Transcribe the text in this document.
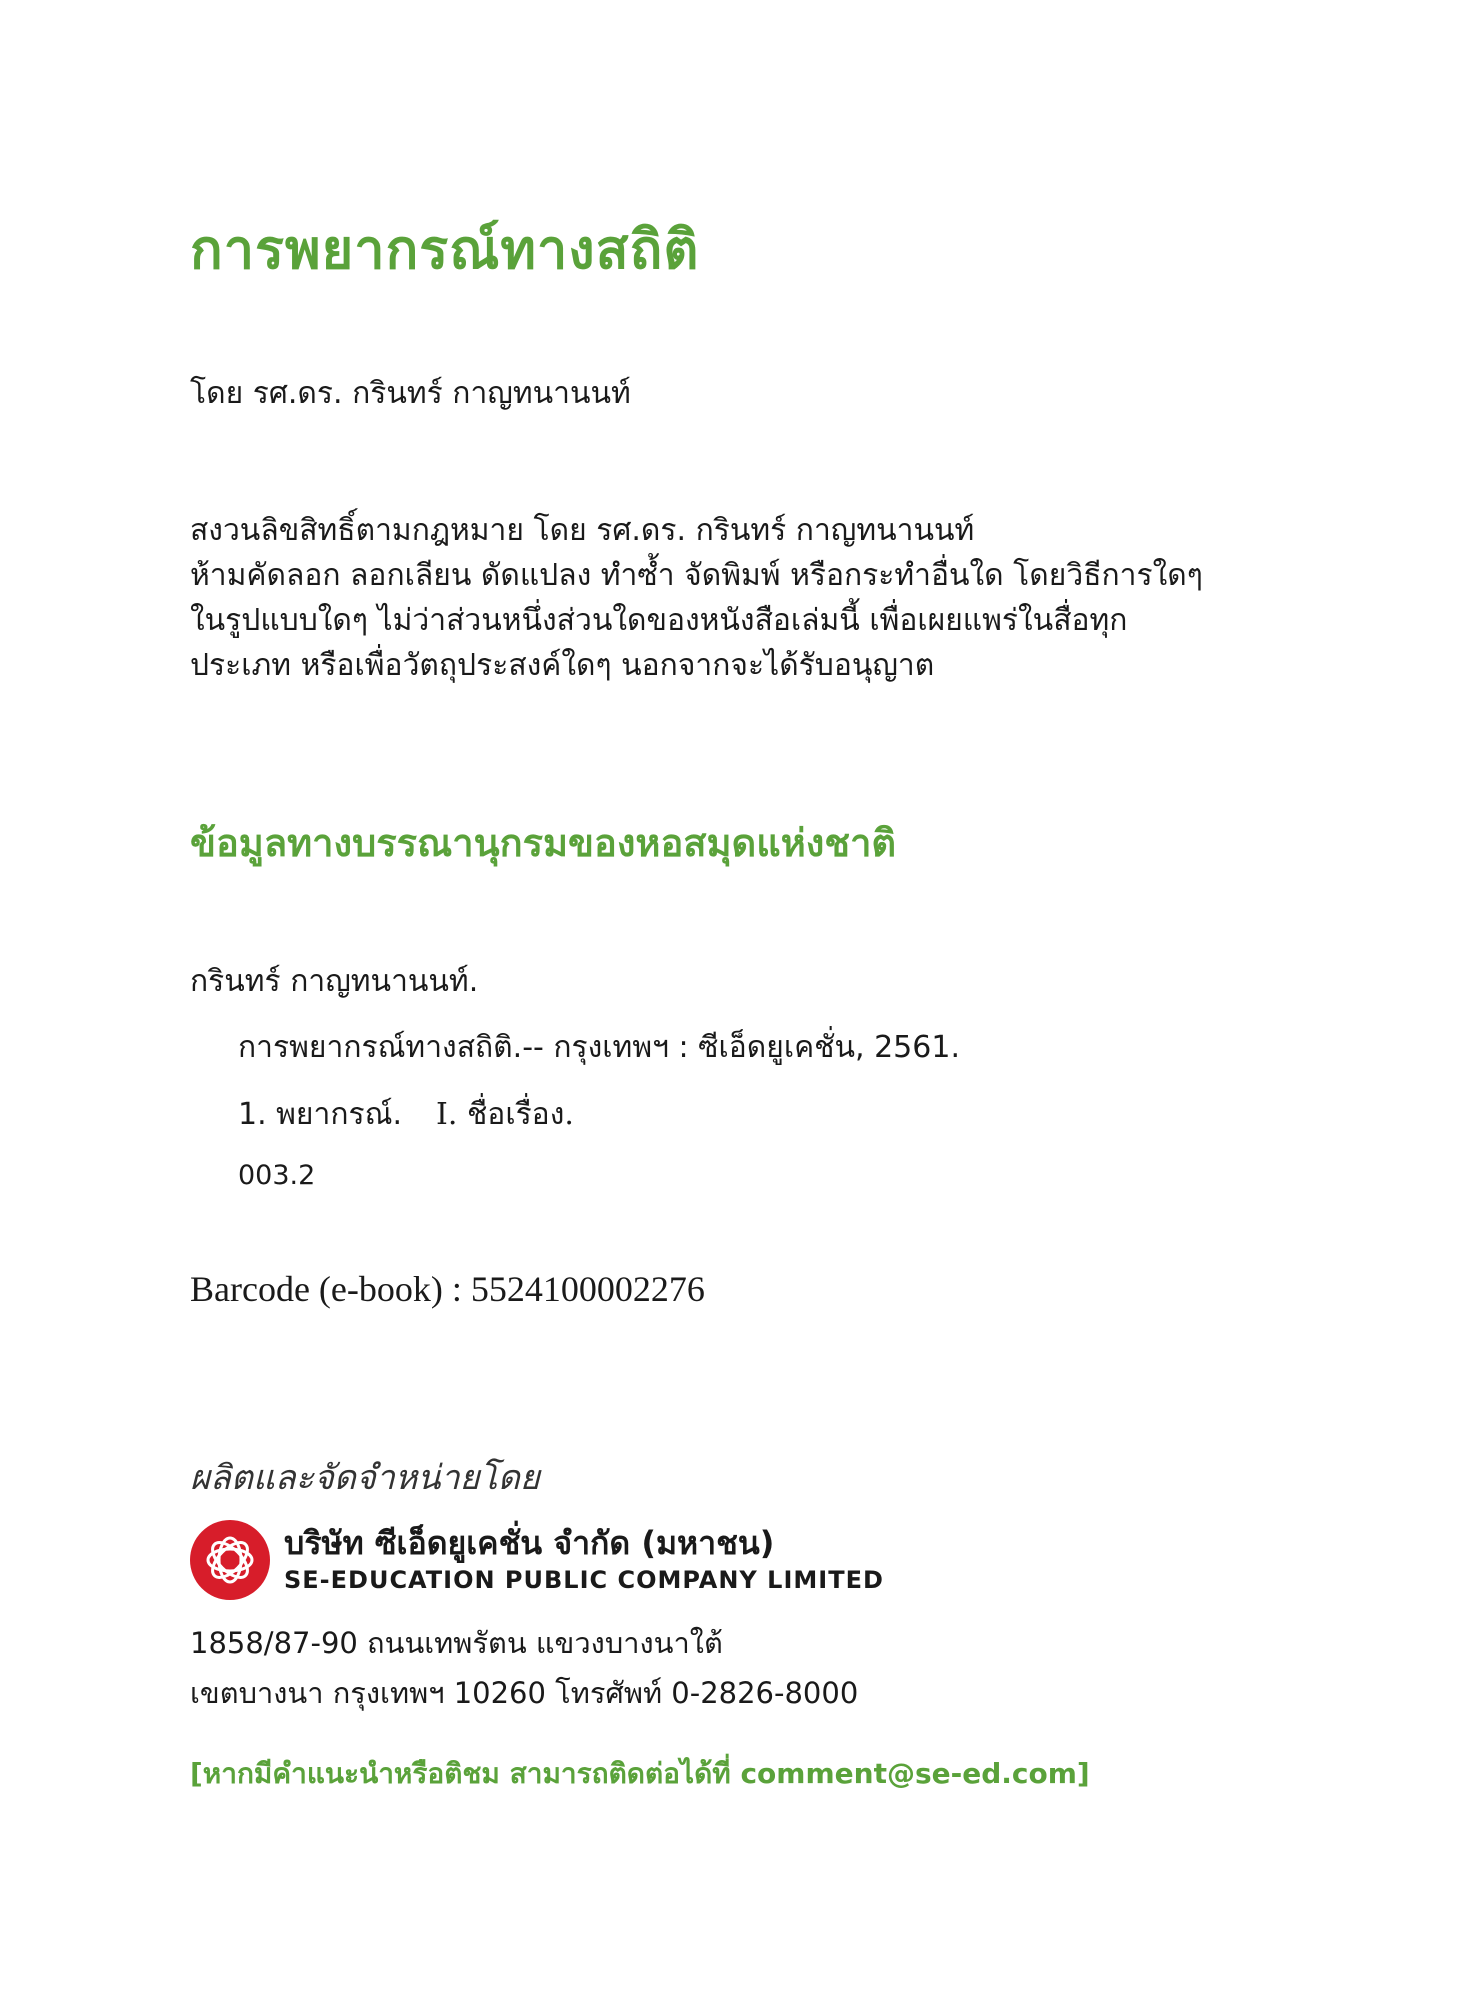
การพยากรณ์ทางสถิติ
โดย รศ.ดร. กรินทร์ กาญทนานนท์
สงวนลิขสิทธิ์ตามกฎหมาย โดย รศ.ดร. กรินทร์ กาญทนานนท์
ห้ามคัดลอก ลอกเลียน ดัดแปลง ทำซ้ำ จัดพิมพ์ หรือกระทำอื่นใด โดยวิธีการใดๆ
ในรูปแบบใดๆ ไม่ว่าส่วนหนึ่งส่วนใดของหนังสือเล่มนี้ เพื่อเผยแพร่ในสื่อทุก
ประเภท หรือเพื่อวัตถุประสงค์ใดๆ นอกจากจะได้รับอนุญาต
ข้อมูลทางบรรณานุกรมของหอสมุดแห่งชาติ
กรินทร์ กาญทนานนท์.
การพยากรณ์ทางสถิติ.-- กรุงเทพฯ : ซีเอ็ดยูเคชั่น, 2561.
1. พยากรณ์. I. ชื่อเรื่อง.
003.2
Barcode (e-book) : 5524100002276
ผลิตและจัดจำหน่ายโดย
บริษัท ซีเอ็ดยูเคชั่น จำกัด (มหาชน)
SE-EDUCATION PUBLIC COMPANY LIMITED
1858/87-90 ถนนเทพรัตน แขวงบางนาใต้
เขตบางนา กรุงเทพฯ 10260 โทรศัพท์ 0-2826-8000
[หากมีคำแนะนำหรือติชม สามารถติดต่อได้ที่ comment@se-ed.com]
